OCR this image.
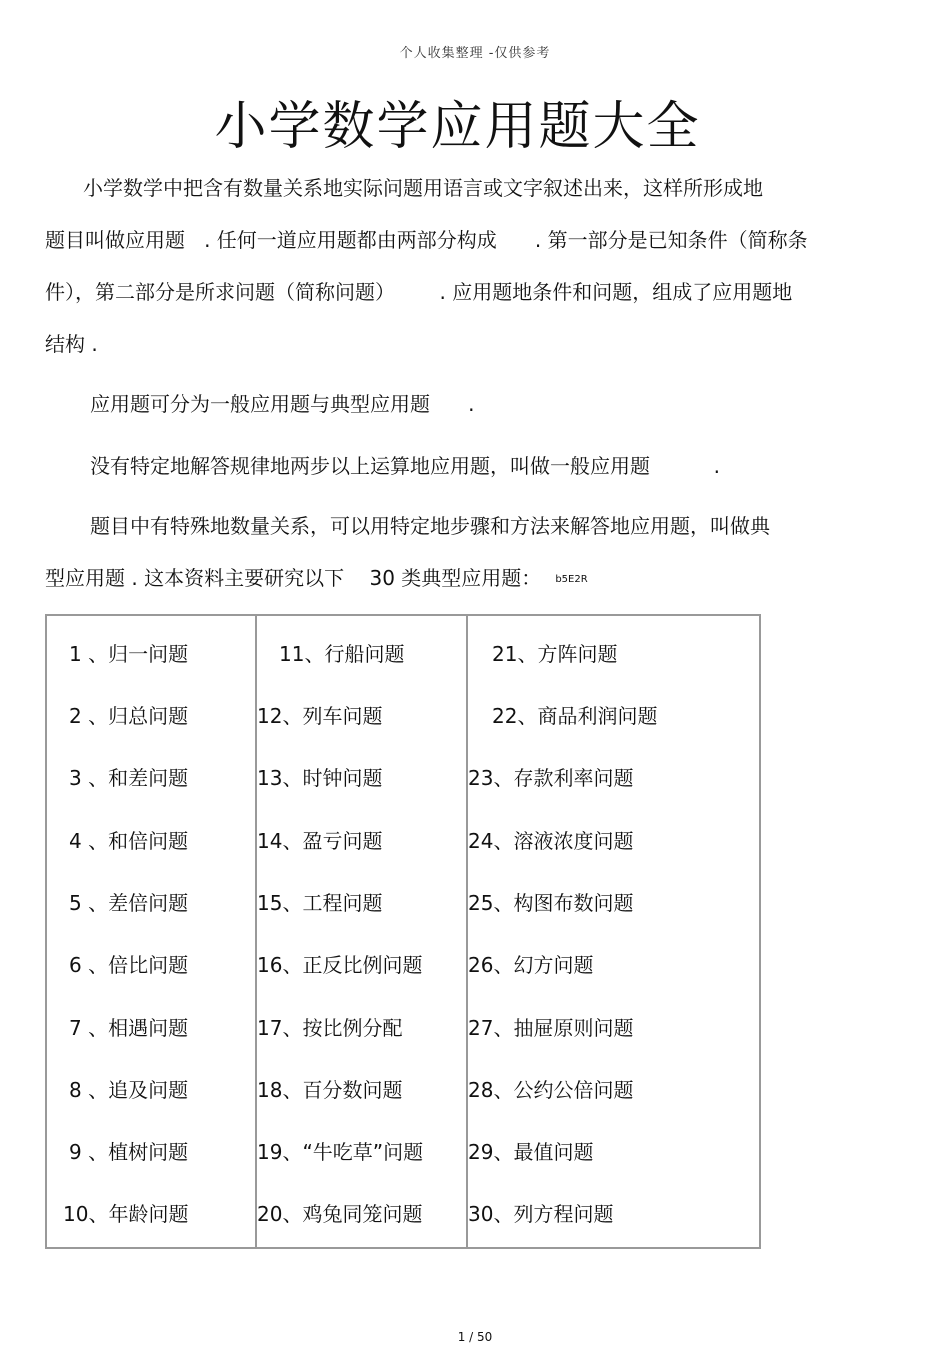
个人收集整理 -仅供参考
小学数学应用题大全

小学数学中把含有数量关系地实际问题用语言或文字叙述出来，这样所形成地
题目叫做应用题   . 任何一道应用题都由两部分构成      . 第一部分是已知条件（简称条
件），第二部分是所求问题（简称问题）       . 应用题地条件和问题，组成了应用题地
结构 .

应用题可分为一般应用题与典型应用题      .

没有特定地解答规律地两步以上运算地应用题，叫做一般应用题          .

题目中有特殊地数量关系，可以用特定地步骤和方法来解答地应用题，叫做典
型应用题 . 这本资料主要研究以下    30 类典型应用题： b5E2R

1 、归一问题
2 、归总问题
3 、和差问题
4 、和倍问题
5 、差倍问题
6 、倍比问题
7 、相遇问题
8 、追及问题
9 、植树问题
10、年龄问题
11、行船问题
12、列车问题
13、时钟问题
14、盈亏问题
15、工程问题
16、正反比例问题
17、按比例分配
18、百分数问题
19、“牛吃草”问题
20、鸡兔同笼问题
21、方阵问题
22、商品利润问题
23、存款利率问题
24、溶液浓度问题
25、构图布数问题
26、幻方问题
27、抽屉原则问题
28、公约公倍问题
29、最值问题
30、列方程问题
1 / 50
